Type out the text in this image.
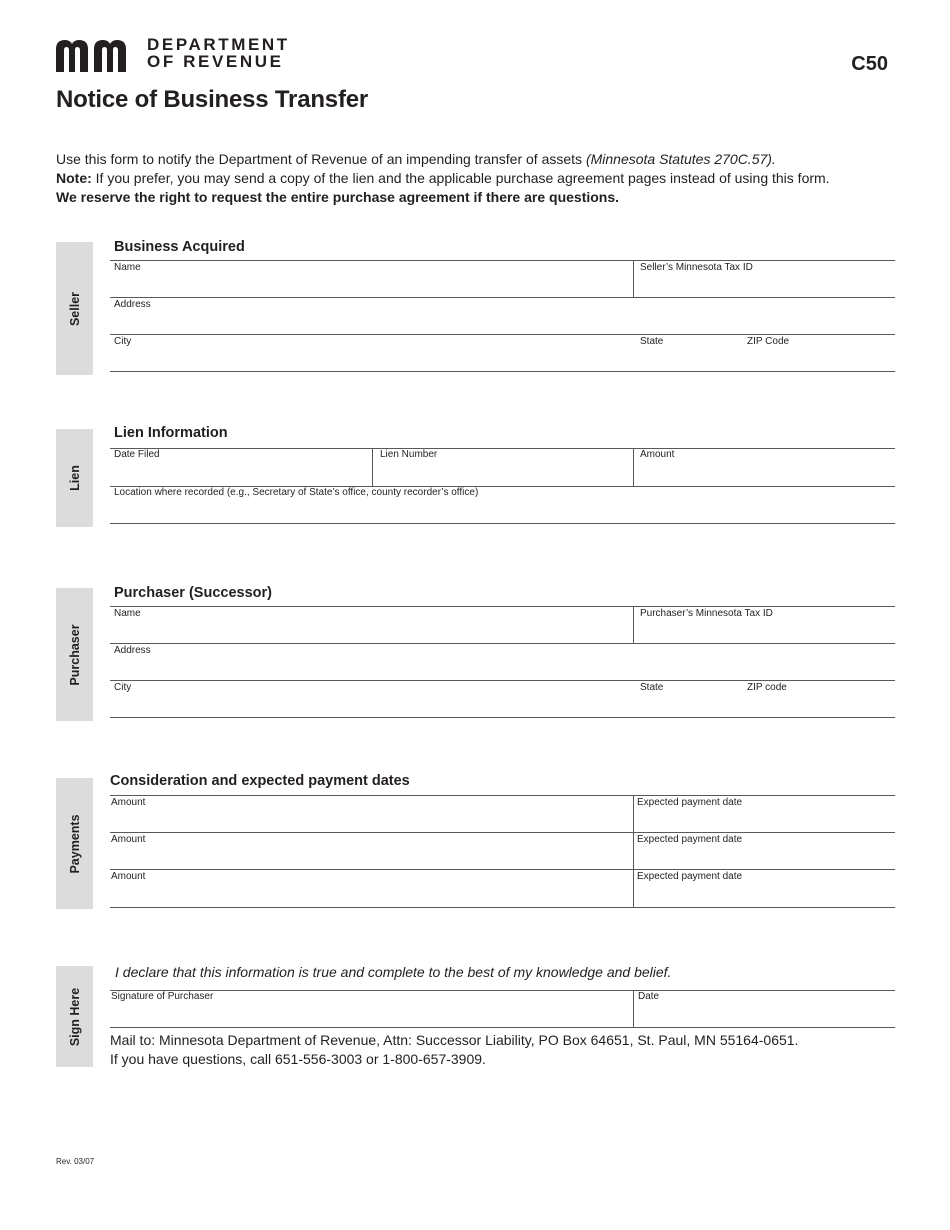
DEPARTMENT
OF REVENUE	C50
Notice of Business Transfer

Use this form to notify the Department of Revenue of an impending transfer of assets (Minnesota Statutes 270C.57).

Note: If you prefer, you may send a copy of the lien and the applicable purchase agreement pages instead of using this form.

We reserve the right to request the entire purchase agreement if there are questions.

Seller
Business Acquired
Name	Seller’s Minnesota Tax ID
Address
City	State	ZIP Code
Lien
Lien Information
Date Filed	Lien Number	Amount
Location where recorded (e.g., Secretary of State’s office, county recorder’s office)
Purchaser
Purchaser (Successor)
Name	Purchaser’s Minnesota Tax ID
Address
City	State	ZIP code
Payments
Consideration and expected payment dates
Amount	Expected payment date
Amount	Expected payment date
Amount	Expected payment date
Sign Here
I declare that this information is true and complete to the best of my knowledge and belief.
Signature of Purchaser	Date

Mail to: Minnesota Department of Revenue, Attn: Successor Liability, PO Box 64651, St. Paul, MN 55164-0651.

If you have questions, call 651-556-3003 or 1-800-657-3909.

Rev. 03/07
